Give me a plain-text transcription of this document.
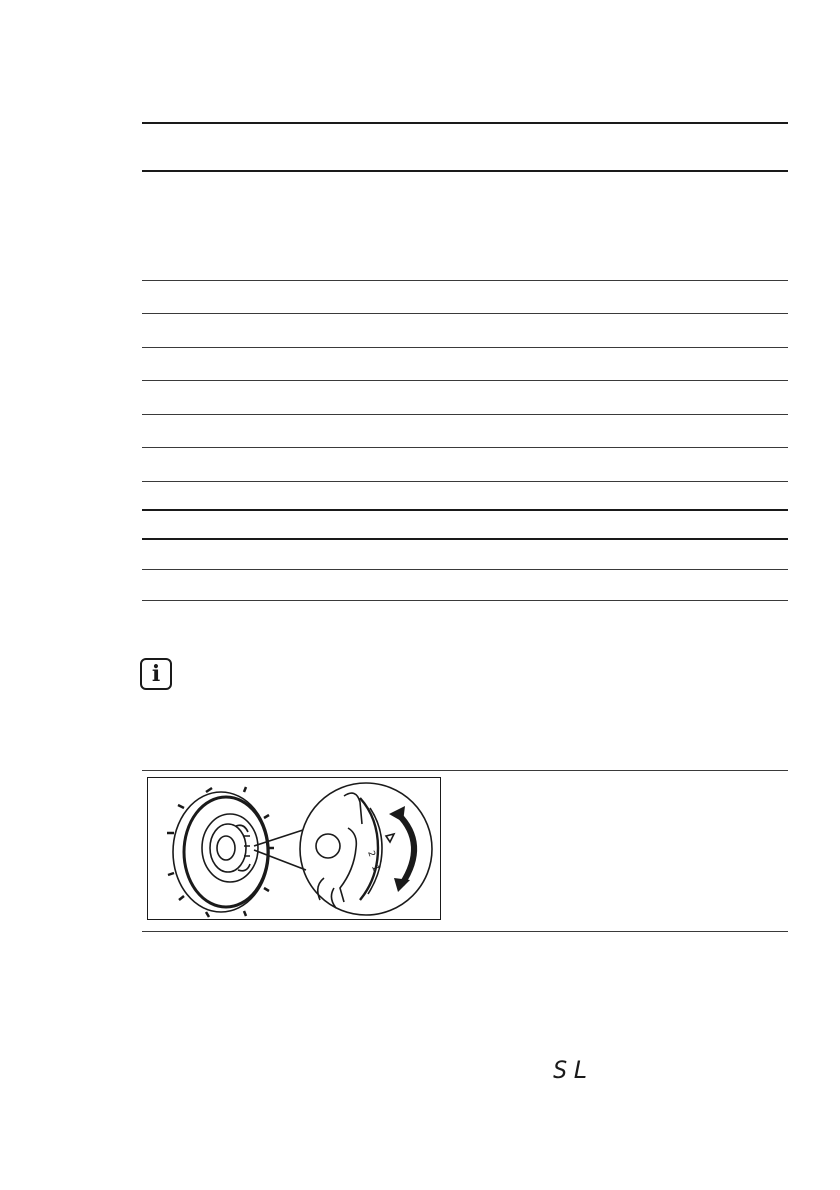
i
2
1
SL
